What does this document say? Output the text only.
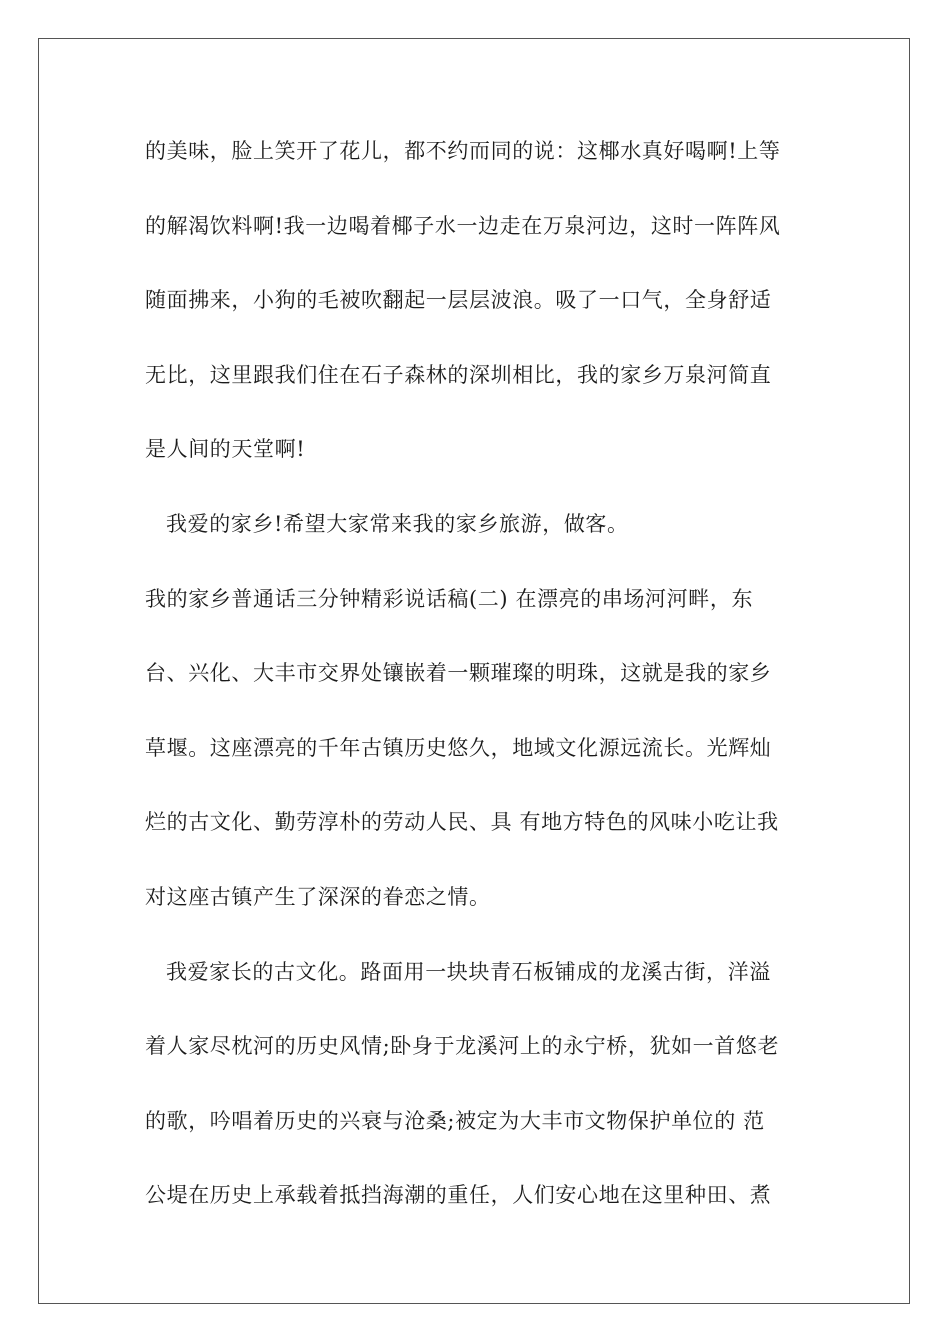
的美味，脸上笑开了花儿，都不约而同的说：这椰水真好喝啊!上等
的解渴饮料啊!我一边喝着椰子水一边走在万泉河边，这时一阵阵风
随面拂来，小狗的毛被吹翻起一层层波浪。吸了一口气，全身舒适
无比，这里跟我们住在石子森林的深圳相比，我的家乡万泉河简直
是人间的天堂啊!
我爱的家乡!希望大家常来我的家乡旅游，做客。
我的家乡普通话三分钟精彩说话稿(二) 在漂亮的串场河河畔，东
台、兴化、大丰市交界处镶嵌着一颗璀璨的明珠，这就是我的家乡
草堰。这座漂亮的千年古镇历史悠久，地域文化源远流长。光辉灿
烂的古文化、勤劳淳朴的劳动人民、具 有地方特色的风味小吃让我
对这座古镇产生了深深的眷恋之情。
我爱家长的古文化。路面用一块块青石板铺成的龙溪古街，洋溢
着人家尽枕河的历史风情;卧身于龙溪河上的永宁桥，犹如一首悠老
的歌，吟唱着历史的兴衰与沧桑;被定为大丰市文物保护单位的 范
公堤在历史上承载着抵挡海潮的重任，人们安心地在这里种田、煮
